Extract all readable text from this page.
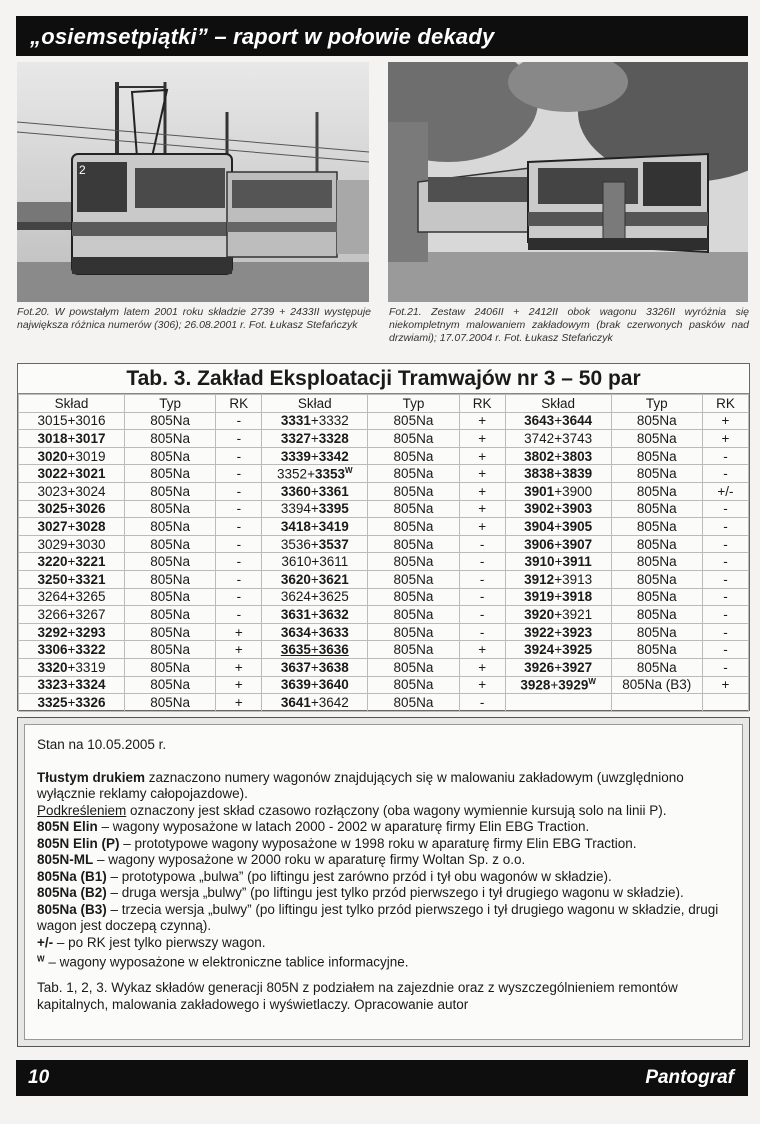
„osiemsetpiątki” – raport w połowie dekady
2
Fot.20. W powstałym latem 2001 roku składzie 2739 + 2433II występuje największa różnica numerów (306); 26.08.2001 r. Fot. Łukasz Stefańczyk
Fot.21. Zestaw 2406II + 2412II obok wagonu 3326II wyróżnia się niekompletnym malowaniem zakładowym (brak czerwonych pasków nad drzwiami); 17.07.2004 r. Fot. Łukasz Stefańczyk
Tab. 3. Zakład Eksploatacji Tramwajów nr 3 – 50 par
Skład	Typ	RK	Skład	Typ	RK	Skład	Typ	RK
3015+3016	805Na	-	3331+3332	805Na	+	3643+3644	805Na	+
3018+3017	805Na	-	3327+3328	805Na	+	3742+3743	805Na	+
3020+3019	805Na	-	3339+3342	805Na	+	3802+3803	805Na	-
3022+3021	805Na	-	$3352+3353^W$	805Na	+	3838+3839	805Na	-
3023+3024	805Na	-	3360+3361	805Na	+	3901+3900	805Na	+/-
3025+3026	805Na	-	3394+3395	805Na	+	3902+3903	805Na	-
3027+3028	805Na	-	3418+3419	805Na	+	3904+3905	805Na	-
3029+3030	805Na	-	3536+3537	805Na	-	3906+3907	805Na	-
3220+3221	805Na	-	3610+3611	805Na	-	3910+3911	805Na	-
3250+3321	805Na	-	3620+3621	805Na	-	3912+3913	805Na	-
3264+3265	805Na	-	3624+3625	805Na	-	3919+3918	805Na	-
3266+3267	805Na	-	3631+3632	805Na	-	3920+3921	805Na	-
3292+3293	805Na	+	3634+3633	805Na	-	3922+3923	805Na	-
3306+3322	805Na	+	3635+3636	805Na	+	3924+3925	805Na	-
3320+3319	805Na	+	3637+3638	805Na	+	3926+3927	805Na	-
3323+3324	805Na	+	3639+3640	805Na	+	$3928+3929^W$	805Na (B3)	+
3325+3326	805Na	+	3641+3642	805Na	-			

Stan na 10.05.2005 r.

Tłustym drukiem zaznaczono numery wagonów znajdujących się w malowaniu zakładowym (uwzględniono wyłącznie reklamy całopojazdowe).

Podkreśleniem oznaczony jest skład czasowo rozłączony (oba wagony wymiennie kursują solo na linii P).

805N Elin – wagony wyposażone w latach 2000 - 2002 w aparaturę firmy Elin EBG Traction.

805N Elin (P) – prototypowe wagony wyposażone w 1998 roku w aparaturę firmy Elin EBG Traction.

805N-ML – wagony wyposażone w 2000 roku w aparaturę firmy Woltan Sp. z o.o.

805Na (B1) – prototypowa „bulwa” (po liftingu jest zarówno przód i tył obu wagonów w składzie).

805Na (B2) – druga wersja „bulwy” (po liftingu jest tylko przód pierwszego i tył drugiego wagonu w składzie).

805Na (B3) – trzecia wersja „bulwy” (po liftingu jest tylko przód pierwszego i tył drugiego wagonu w składzie, drugi wagon jest doczepą czynną).

+/- – po RK jest tylko pierwszy wagon.

$^W$ – wagony wyposażone w elektroniczne tablice informacyjne.

Tab. 1, 2, 3. Wykaz składów generacji 805N z podziałem na zajezdnie oraz z wyszczególnieniem remontów kapitalnych, malowania zakładowego i wyświetlaczy. Opracowanie autor

10	Pantograf
